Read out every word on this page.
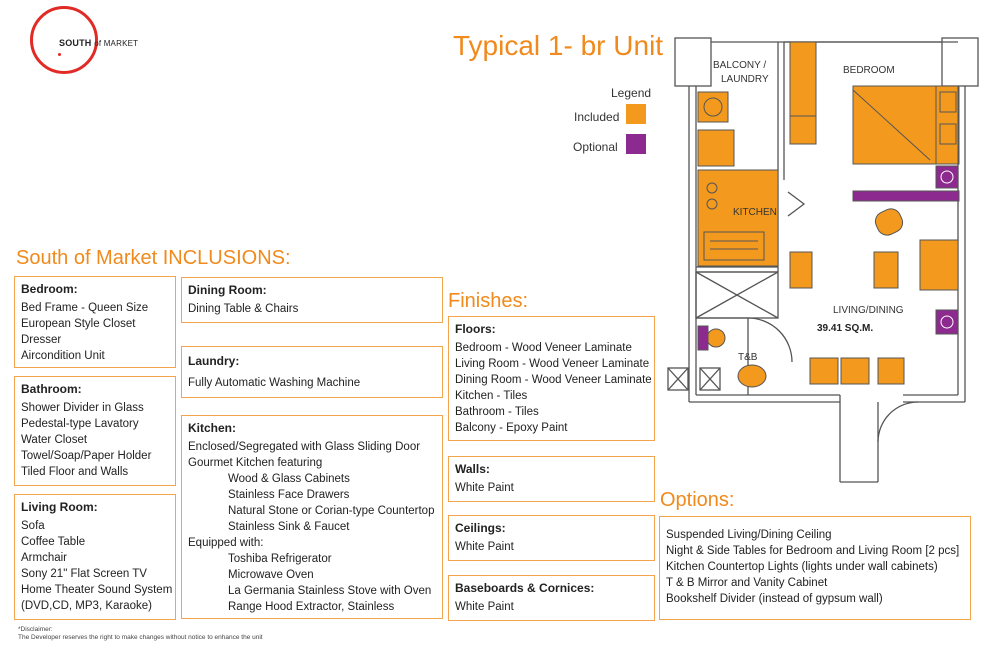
SOUTH of MARKET	Typical 1- br Unit
Legend
Included
Optional
South of Market INCLUSIONS:
Finishes:
Options:
Bedroom:
Bed Frame - Queen Size
European Style Closet
Dresser
Aircondition Unit
Bathroom:
Shower Divider in Glass
Pedestal-type Lavatory
Water Closet
Towel/Soap/Paper Holder
Tiled Floor and Walls
Living Room:
Sofa
Coffee Table
Armchair
Sony 21" Flat Screen TV
Home Theater Sound System
(DVD,CD, MP3, Karaoke)
Dining Room:
Dining Table & Chairs
Laundry:
Fully Automatic Washing Machine
Kitchen:
Enclosed/Segregated with Glass Sliding Door
Gourmet Kitchen featuring
Wood & Glass Cabinets
Stainless Face Drawers
Natural Stone or Corian-type Countertop
Stainless Sink & Faucet
Equipped with:
Toshiba Refrigerator
Microwave Oven
La Germania Stainless Stove with Oven
Range Hood Extractor, Stainless
Floors:
Bedroom - Wood Veneer Laminate
Living Room - Wood Veneer Laminate
Dining Room - Wood Veneer Laminate
Kitchen - Tiles
Bathroom - Tiles
Balcony - Epoxy Paint
Walls:
White Paint
Ceilings:
White Paint
Baseboards & Cornices:
White Paint
Suspended Living/Dining Ceiling
Night & Side Tables for Bedroom and Living Room [2 pcs]
Kitchen Countertop Lights (lights under wall cabinets)
T & B Mirror and Vanity Cabinet
Bookshelf Divider (instead of gypsum wall)
BALCONY /
LAUNDRY
BEDROOM
KITCHEN
LIVING/DINING
39.41 SQ.M.
T&B
*Disclaimer:
The Developer reserves the right to make changes without notice to enhance the unit
